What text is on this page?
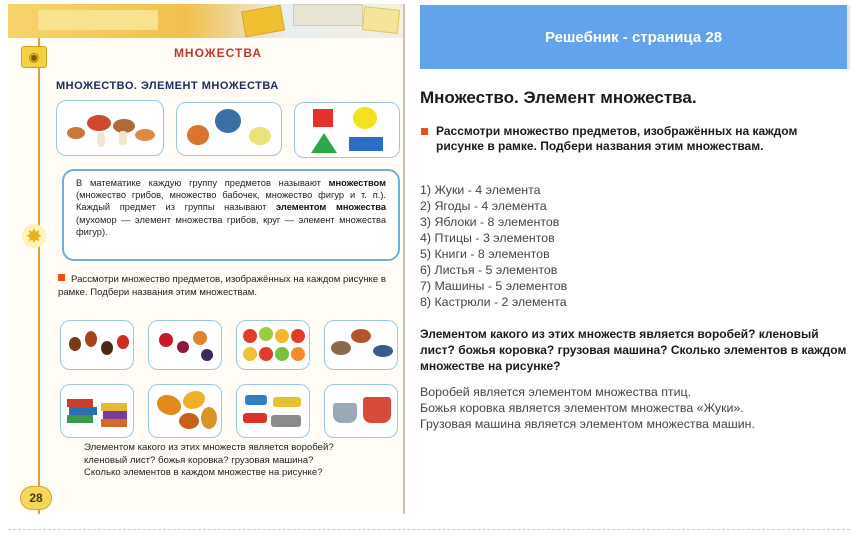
◉
✸
28
МНОЖЕСТВА
МНОЖЕСТВО. ЭЛЕМЕНТ МНОЖЕСТВА
В математике каждую группу предметов называют множеством (множество грибов, множество бабочек, множество фигур и т. п.). Каждый предмет из группы называют элементом множества (мухомор — элемент множества грибов, круг — элемент множества фигур).
Рассмотри множество предметов, изображённых на каждом рисунке в рамке. Подбери названия этим множествам.
Элементом какого из этих множеств является воробей?
кленовый лист? божья коровка? грузовая машина?
Сколько элементов в каждом множестве на рисунке?
Решебник - страница 28
Множество. Элемент множества.
Рассмотри множество предметов, изображённых на каждом рисунке в рамке. Подбери названия этим множествам.
1) Жуки - 4 элемента
2) Ягоды - 4 элемента
3) Яблоки - 8 элементов
4) Птицы - 3 элементов
5) Книги - 8 элементов
6) Листья - 5 элементов
7) Машины - 5 элементов
8) Кастрюли - 2 элемента
Элементом какого из этих множеств является воробей? кленовый лист? божья коровка? грузовая машина? Сколько элементов в каждом множестве на рисунке?
Воробей является элементом множества птиц.
Божья коровка является элементом множества «Жуки».
Грузовая машина является элементом множества машин.
